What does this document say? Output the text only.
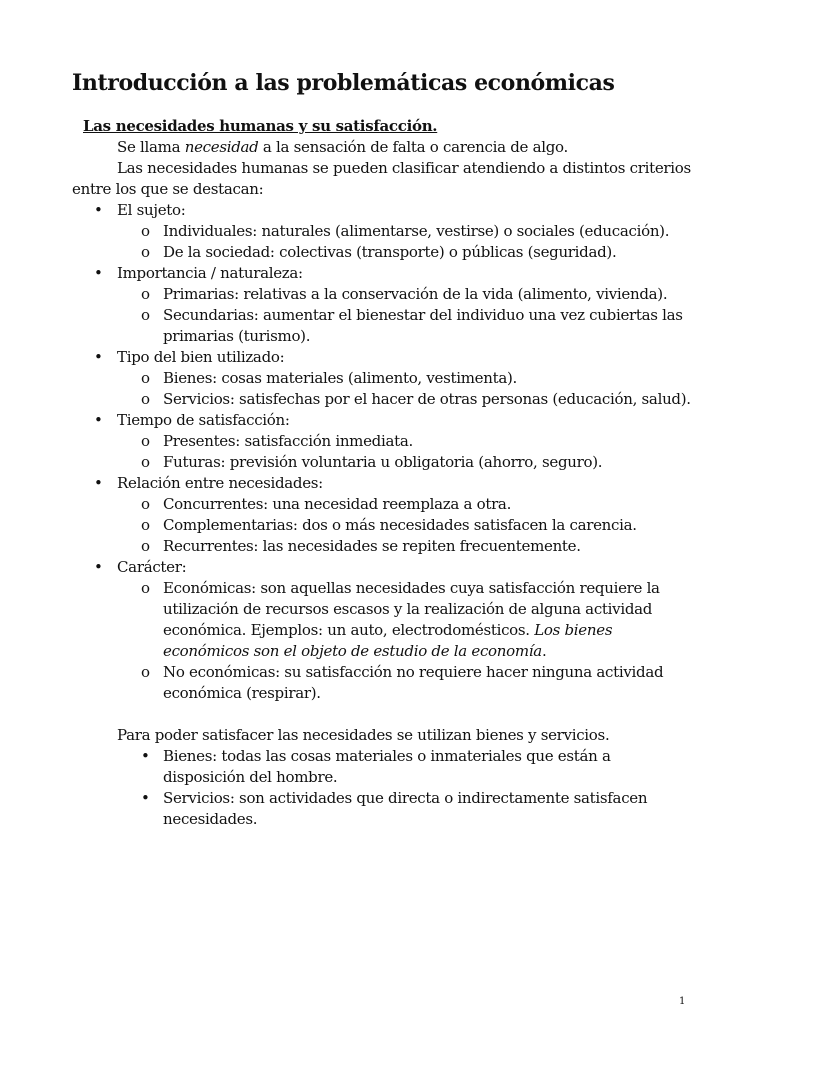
Introducción a las problemáticas económicas
Las necesidades humanas y su satisfacción.

Se llama necesidad a la sensación de falta o carencia de algo.

Las necesidades humanas se pueden clasificar atendiendo a distintos criterios entre los que se destacan:

• El sujeto:
o Individuales: naturales (alimentarse, vestirse) o sociales (educación).
o De la sociedad: colectivas (transporte) o públicas (seguridad).
• Importancia / naturaleza:
o Primarias: relativas a la conservación de la vida (alimento, vivienda).
o Secundarias: aumentar el bienestar del individuo una vez cubiertas las primarias (turismo).
• Tipo del bien utilizado:
o Bienes: cosas materiales (alimento, vestimenta).
o Servicios: satisfechas por el hacer de otras personas (educación, salud).
• Tiempo de satisfacción:
o Presentes: satisfacción inmediata.
o Futuras: previsión voluntaria u obligatoria (ahorro, seguro).
• Relación entre necesidades:
o Concurrentes: una necesidad reemplaza a otra.
o Complementarias: dos o más necesidades satisfacen la carencia.
o Recurrentes: las necesidades se repiten frecuentemente.
• Carácter:
o Económicas: son aquellas necesidades cuya satisfacción requiere la utilización de recursos escasos y la realización de alguna actividad económica. Ejemplos: un auto, electrodomésticos. Los bienes económicos son el objeto de estudio de la economía.
o No económicas: su satisfacción no requiere hacer ninguna actividad económica (respirar).

Para poder satisfacer las necesidades se utilizan bienes y servicios.

• Bienes: todas las cosas materiales o inmateriales que están a disposición del hombre.
• Servicios: son actividades que directa o indirectamente satisfacen necesidades.
1
